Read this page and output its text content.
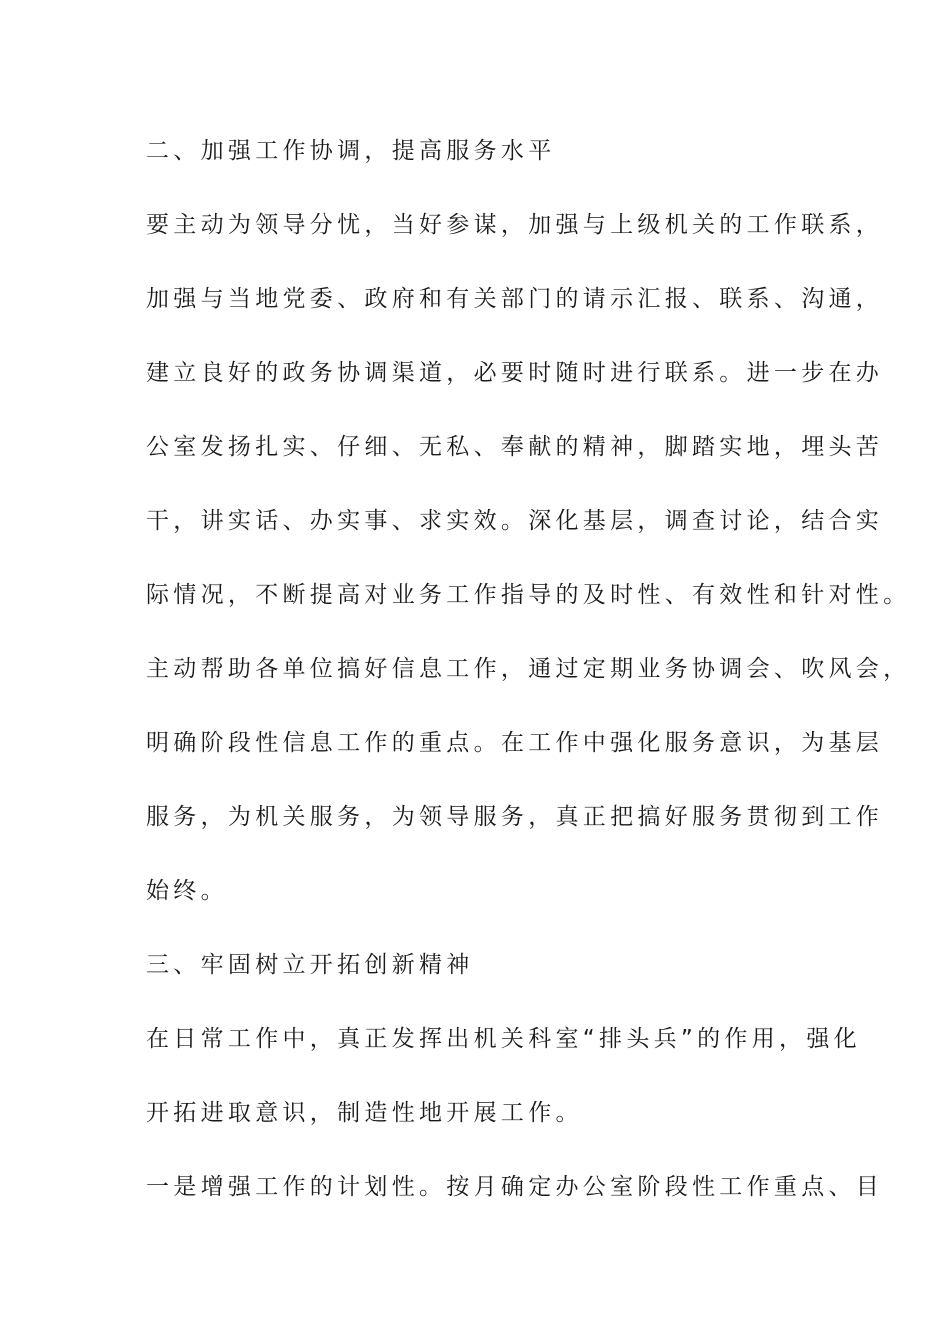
二、加强工作协调，提高服务水平
要主动为领导分忧，当好参谋，加强与上级机关的工作联系，
加强与当地党委、政府和有关部门的请示汇报、联系、沟通，
建立良好的政务协调渠道，必要时随时进行联系。进一步在办
公室发扬扎实、仔细、无私、奉献的精神，脚踏实地，埋头苦
干，讲实话、办实事、求实效。深化基层，调查讨论，结合实
际情况，不断提高对业务工作指导的及时性、有效性和针对性。
主动帮助各单位搞好信息工作，通过定期业务协调会、吹风会，
明确阶段性信息工作的重点。在工作中强化服务意识，为基层
服务，为机关服务，为领导服务，真正把搞好服务贯彻到工作
始终。
三、牢固树立开拓创新精神
在日常工作中，真正发挥出机关科室“排头兵”的作用，强化
开拓进取意识，制造性地开展工作。
一是增强工作的计划性。按月确定办公室阶段性工作重点、目
